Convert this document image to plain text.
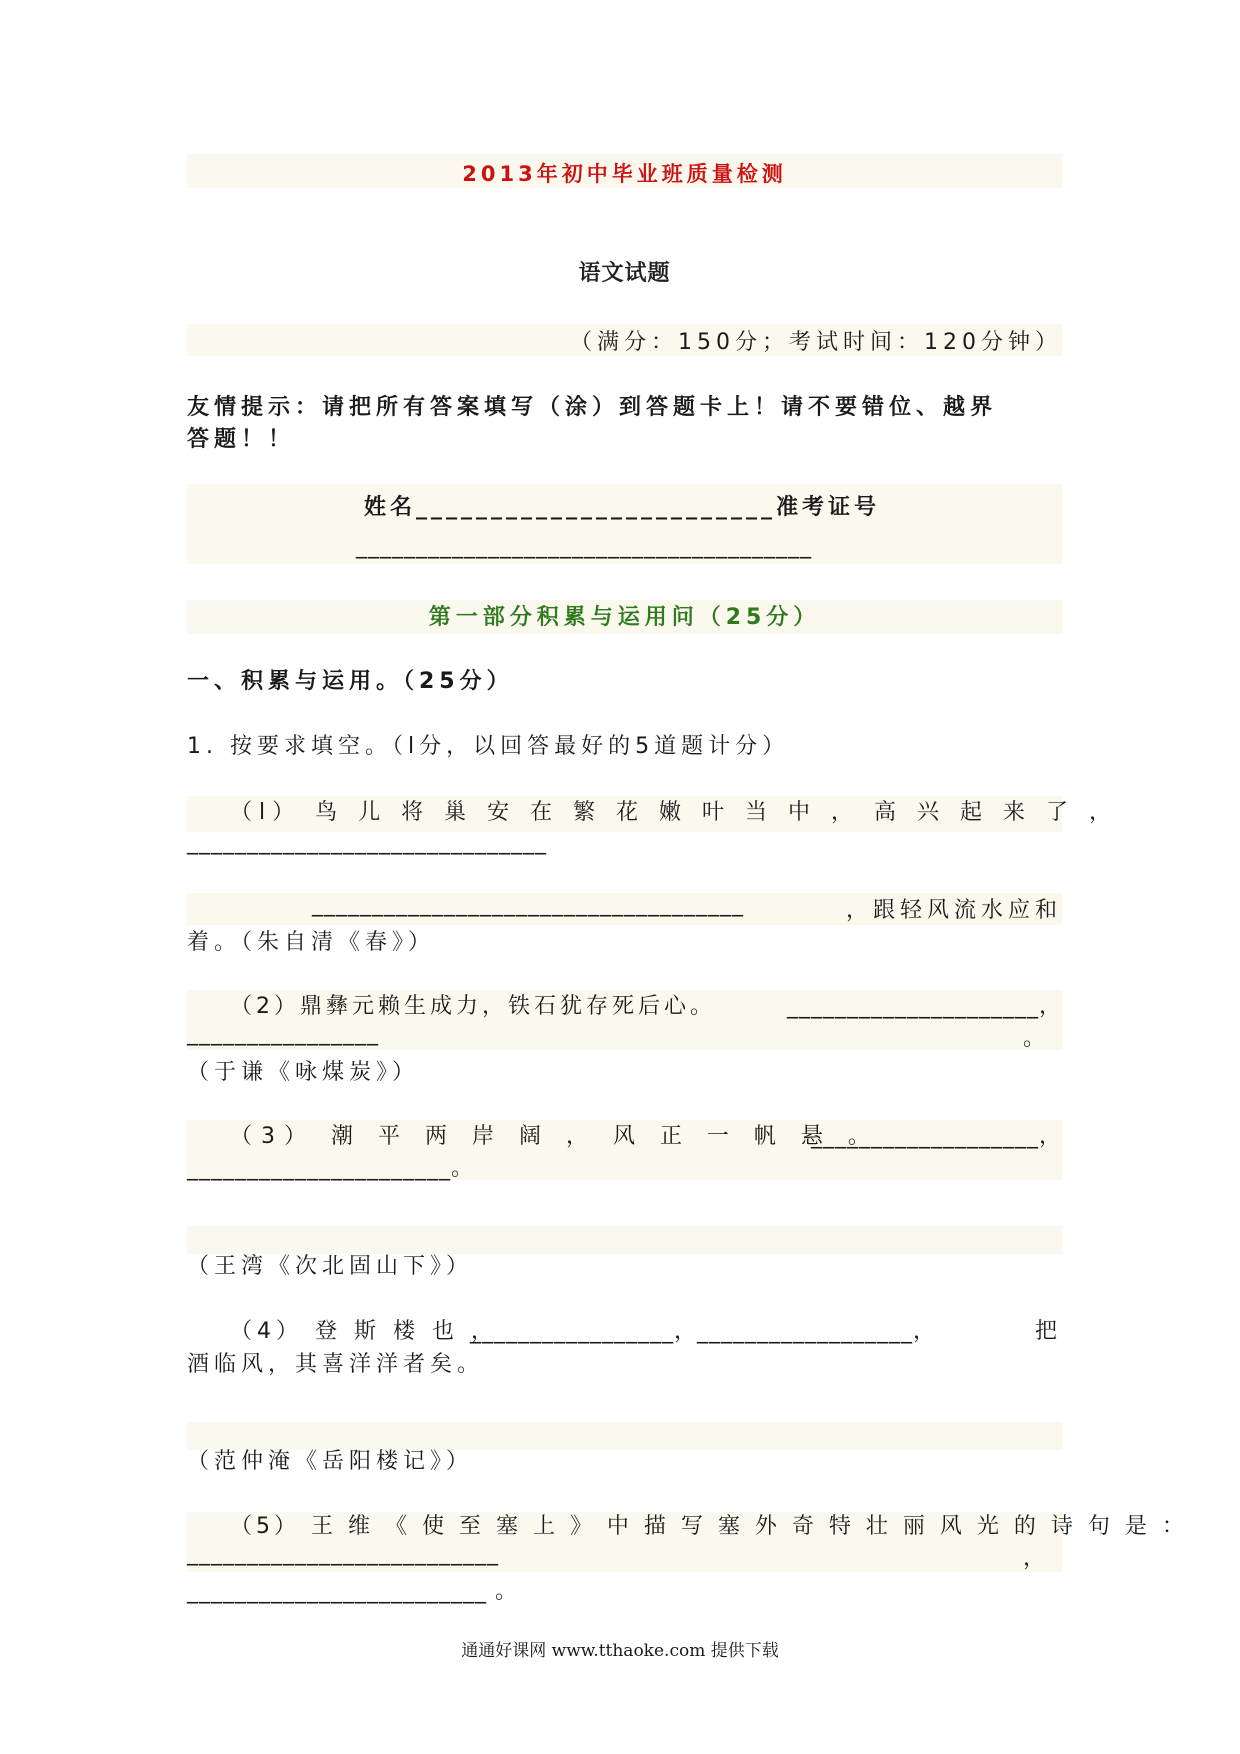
2013年初中毕业班质量检测
语文试题
（满分：150分；考试时间：120分钟）
友情提示：请把所有答案填写（涂）到答题卡上！请不要错位、越界
答题！！
姓名________________________准考证号
______________________________________
第一部分积累与运用问（25分）
一、积累与运用。（25分）
1. 按要求填空。（l分，以回答最好的5道题计分）
（l） 鸟 儿 将 巢 安 在 繁 花 嫩 叶 当 中 ， 高 兴 起 来 了 ，
______________________________
____________________________________	，跟轻风流水应和
着。（朱自清《春》）
（2）鼎彝元赖生成力，铁石犹存死后心。	_____________________，
________________	。
（于谦《咏煤炭》）
（3） 潮 平 两 岸 阔 ， 风 正 一 帆 悬 。
___________________，
______________________。
（王湾《次北固山下》）
（4） 登 斯 楼 也 ，
_________________，__________________，	把
酒临风，其喜洋洋者矣。
（范仲淹《岳阳楼记》）
（5） 王 维 《 使 至 塞 上 》 中 描 写 塞 外 奇 特 壮 丽 风 光 的 诗 句 是 ：
__________________________	，
_________________________ 。
通通好课网 www.tthaoke.com 提供下载
